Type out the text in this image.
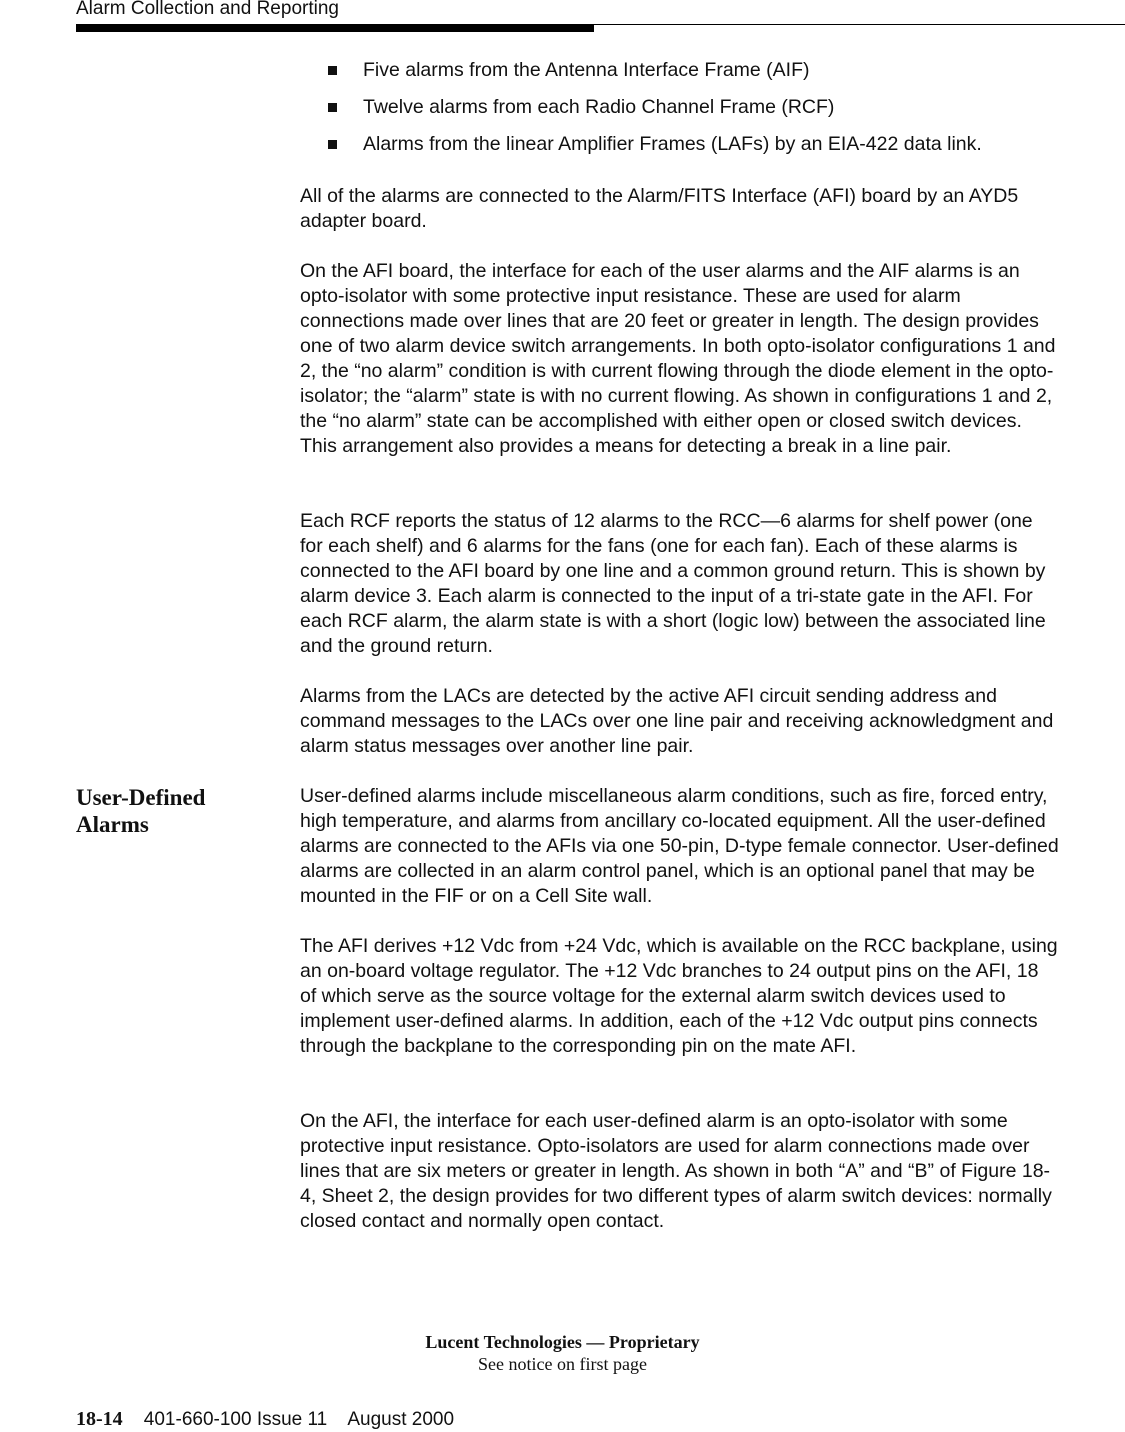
Alarm Collection and Reporting
Five alarms from the Antenna Interface Frame (AIF)
Twelve alarms from each Radio Channel Frame (RCF)
Alarms from the linear Amplifier Frames (LAFs) by an EIA-422 data link.

All of the alarms are connected to the Alarm/FITS Interface (AFI) board by an AYD5 adapter board.

On the AFI board, the interface for each of the user alarms and the AIF alarms is an opto-isolator with some protective input resistance. These are used for alarm connections made over lines that are 20 feet or greater in length. The design provides one of two alarm device switch arrangements. In both opto-isolator configurations 1 and 2, the “no alarm” condition is with current flowing through the diode element in the opto-isolator; the “alarm” state is with no current flowing. As shown in configurations 1 and 2, the “no alarm” state can be accomplished with either open or closed switch devices. This arrangement also provides a means for detecting a break in a line pair.

Each RCF reports the status of 12 alarms to the RCC—6 alarms for shelf power (one for each shelf) and 6 alarms for the fans (one for each fan). Each of these alarms is connected to the AFI board by one line and a common ground return. This is shown by alarm device 3. Each alarm is connected to the input of a tri-state gate in the AFI. For each RCF alarm, the alarm state is with a short (logic low) between the associated line and the ground return.

Alarms from the LACs are detected by the active AFI circuit sending address and command messages to the LACs over one line pair and receiving acknowledgment and alarm status messages over another line pair.

User-Defined Alarms

User-defined alarms include miscellaneous alarm conditions, such as fire, forced entry, high temperature, and alarms from ancillary co-located equipment. All the user-defined alarms are connected to the AFIs via one 50-pin, D-type female connector. User-defined alarms are collected in an alarm control panel, which is an optional panel that may be mounted in the FIF or on a Cell Site wall.

The AFI derives +12 Vdc from +24 Vdc, which is available on the RCC backplane, using an on-board voltage regulator. The +12 Vdc branches to 24 output pins on the AFI, 18 of which serve as the source voltage for the external alarm switch devices used to implement user-defined alarms. In addition, each of the +12 Vdc output pins connects through the backplane to the corresponding pin on the mate AFI.

On the AFI, the interface for each user-defined alarm is an opto-isolator with some protective input resistance. Opto-isolators are used for alarm connections made over lines that are six meters or greater in length. As shown in both “A” and “B” of Figure 18-4, Sheet 2, the design provides for two different types of alarm switch devices: normally closed contact and normally open contact.

Lucent Technologies — Proprietary
See notice on first page
18-14 401-660-100 Issue 11 August 2000
